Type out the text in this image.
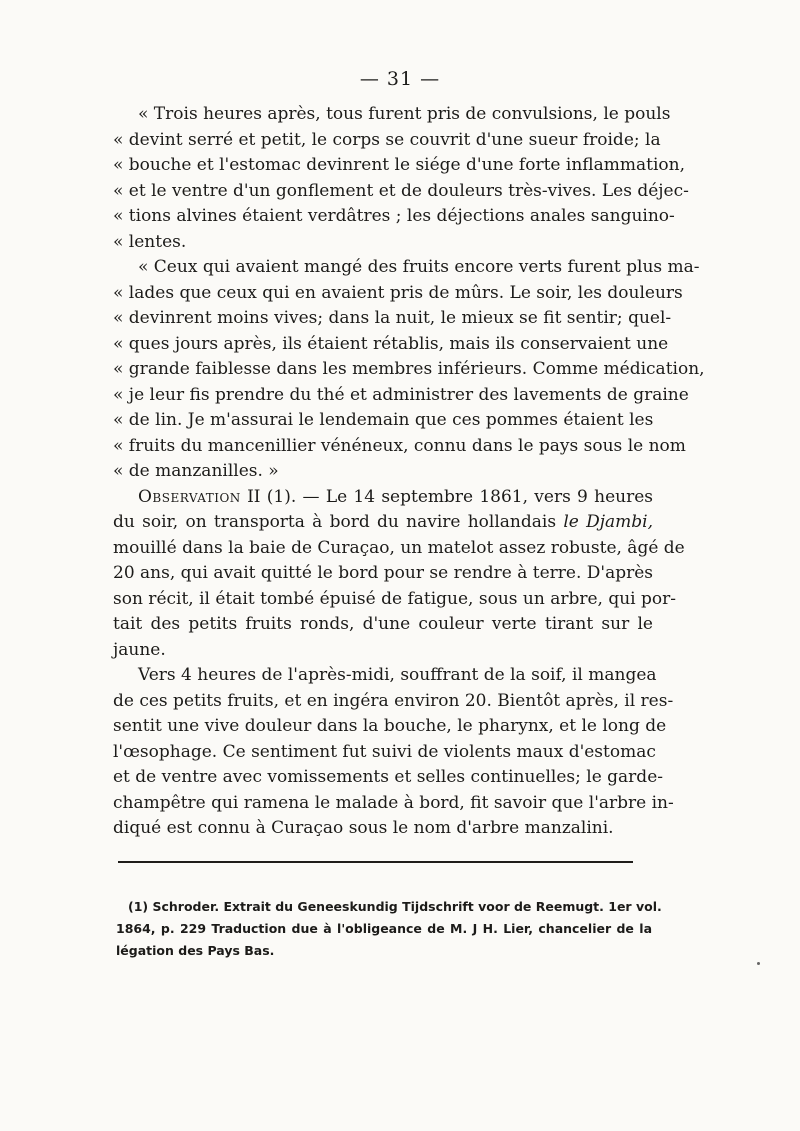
— 31 —
« Trois heures après, tous furent pris de convulsions, le pouls
« devint serré et petit, le corps se couvrit d'une sueur froide; la
« bouche et l'estomac devinrent le siége d'une forte inflammation,
« et le ventre d'un gonflement et de douleurs très-vives. Les déjec-
« tions alvines étaient verdâtres ; les déjections anales sanguino-
« lentes.
« Ceux qui avaient mangé des fruits encore verts furent plus ma-
« lades que ceux qui en avaient pris de mûrs. Le soir, les douleurs
« devinrent moins vives; dans la nuit, le mieux se fit sentir; quel-
« ques jours après, ils étaient rétablis, mais ils conservaient une
« grande faiblesse dans les membres inférieurs. Comme médication,
« je leur fis prendre du thé et administrer des lavements de graine
« de lin. Je m'assurai le lendemain que ces pommes étaient les
« fruits du mancenillier vénéneux, connu dans le pays sous le nom
« de manzanilles. »
Observation II (1). — Le 14 septembre 1861, vers 9 heures
du soir, on transporta à bord du navire hollandais le Djambi,
mouillé dans la baie de Curaçao, un matelot assez robuste, âgé de
20 ans, qui avait quitté le bord pour se rendre à terre. D'après
son récit, il était tombé épuisé de fatigue, sous un arbre, qui por-
tait des petits fruits ronds, d'une couleur verte tirant sur le
jaune.
Vers 4 heures de l'après-midi, souffrant de la soif, il mangea
de ces petits fruits, et en ingéra environ 20. Bientôt après, il res-
sentit une vive douleur dans la bouche, le pharynx, et le long de
l'œsophage. Ce sentiment fut suivi de violents maux d'estomac
et de ventre avec vomissements et selles continuelles; le garde-
champêtre qui ramena le malade à bord, fit savoir que l'arbre in-
diqué est connu à Curaçao sous le nom d'arbre manzalini.
(1) Schroder. Extrait du Geneeskundig Tijdschrift voor de Reemugt. 1er vol.
1864, p. 229 Traduction due à l'obligeance de M. J H. Lier, chancelier de la
légation des Pays Bas.
